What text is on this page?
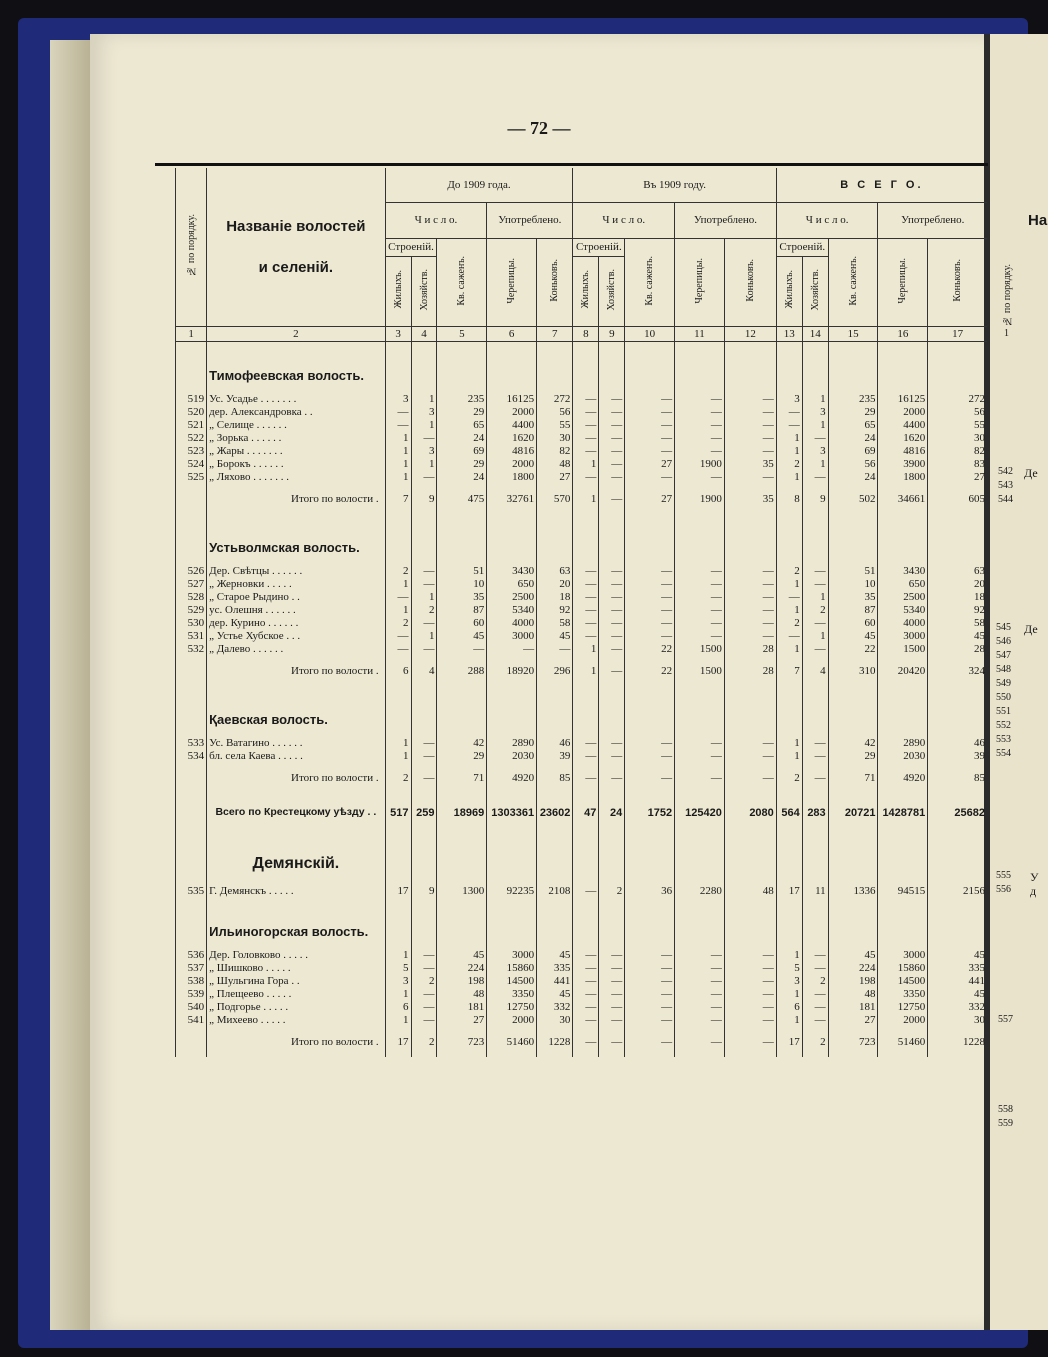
— 72 —
На
№ по порядку.
1
542
543
544
Де
545
546
547
548
549
550
551
552
553
554
Де
555
556
У
д
557
558
559
№ по порядку.	Названіе волостей
и селеній.	До 1909 года.					Въ 1909 году.					В С Е Г О.				
		Ч и с л о.			Употреблено.		Ч и с л о.			Употреблено.		Ч и с л о.			Употреблено.	
		Строеній.		Кв. саженъ.	Черепицы.	Коньковъ.	Строеній.		Кв. саженъ.	Черепицы.	Коньковъ.	Строеній.		Кв. саженъ.	Черепицы.	Коньковъ.
		Жилыхъ.	Хозяйств.				Жилыхъ.	Хозяйств.				Жилыхъ.	Хозяйств.			
1	2	3	4	5	6	7	8	9	10	11	12	13	14	15	16	17
	Тимофеевская волость.															
519	Ус. Усадье . . . . . . .	3	1	235	16125	272	—	—	—	—	—	3	1	235	16125	272
520	дер. Александровка . .	—	3	29	2000	56	—	—	—	—	—	—	3	29	2000	56
521	„ Селище . . . . . .	—	1	65	4400	55	—	—	—	—	—	—	1	65	4400	55
522	„ Зорька . . . . . .	1	—	24	1620	30	—	—	—	—	—	1	—	24	1620	30
523	„ Жары . . . . . . .	1	3	69	4816	82	—	—	—	—	—	1	3	69	4816	82
524	„ Борокъ . . . . . .	1	1	29	2000	48	1	—	27	1900	35	2	1	56	3900	83
525	„ Ляхово . . . . . . .	1	—	24	1800	27	—	—	—	—	—	1	—	24	1800	27
	Итого по волости .	7	9	475	32761	570	1	—	27	1900	35	8	9	502	34661	605
	Устьволмская волость.															
526	Дер. Свѣтцы . . . . . .	2	—	51	3430	63	—	—	—	—	—	2	—	51	3430	63
527	„ Жерновки . . . . .	1	—	10	650	20	—	—	—	—	—	1	—	10	650	20
528	„ Старое Рыдино . .	—	1	35	2500	18	—	—	—	—	—	—	1	35	2500	18
529	ус. Олешня . . . . . .	1	2	87	5340	92	—	—	—	—	—	1	2	87	5340	92
530	дер. Курино . . . . . .	2	—	60	4000	58	—	—	—	—	—	2	—	60	4000	58
531	„ Устье Хубское . . .	—	1	45	3000	45	—	—	—	—	—	—	1	45	3000	45
532	„ Далево . . . . . .	—	—	—	—	—	1	—	22	1500	28	1	—	22	1500	28
	Итого по волости .	6	4	288	18920	296	1	—	22	1500	28	7	4	310	20420	324
	Қаевская волость.															
533	Ус. Ватагино . . . . . .	1	—	42	2890	46	—	—	—	—	—	1	—	42	2890	46
534	бл. села Каева . . . . .	1	—	29	2030	39	—	—	—	—	—	1	—	29	2030	39
	Итого по волости .	2	—	71	4920	85	—	—	—	—	—	2	—	71	4920	85
	Всего по Крестецкому уѣзду . .	517	259	18969	1303361	23602	47	24	1752	125420	2080	564	283	20721	1428781	25682
	Демянскій.															
535	Г. Демянскъ . . . . .	17	9	1300	92235	2108	—	2	36	2280	48	17	11	1336	94515	2156
	Ильиногорская волость.															
536	Дер. Головково . . . . .	1	—	45	3000	45	—	—	—	—	—	1	—	45	3000	45
537	„ Шишково . . . . .	5	—	224	15860	335	—	—	—	—	—	5	—	224	15860	335
538	„ Шульгина Гора . .	3	2	198	14500	441	—	—	—	—	—	3	2	198	14500	441
539	„ Плещеево . . . . .	1	—	48	3350	45	—	—	—	—	—	1	—	48	3350	45
540	„ Подгорье . . . . .	6	—	181	12750	332	—	—	—	—	—	6	—	181	12750	332
541	„ Михеево . . . . .	1	—	27	2000	30	—	—	—	—	—	1	—	27	2000	30
	Итого по волости .	17	2	723	51460	1228	—	—	—	—	—	17	2	723	51460	1228
